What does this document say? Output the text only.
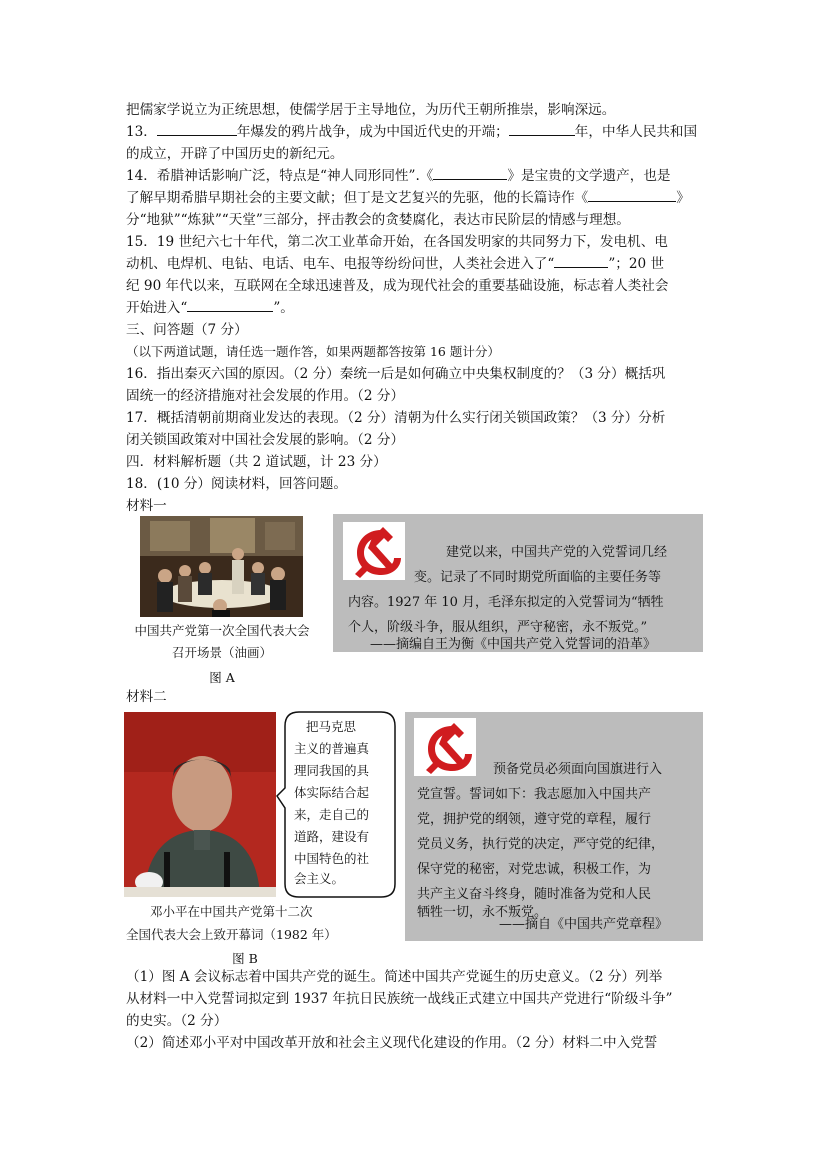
把儒家学说立为正统思想，使儒学居于主导地位，为历代王朝所推崇，影响深远。
13．	年爆发的鸦片战争，成为中国近代史的开端；	年，中华人民共和国
的成立，开辟了中国历史的新纪元。
14．希腊神话影响广泛，特点是“神人同形同性”.《	》是宝贵的文学遗产，也是
了解早期希腊早期社会的主要文献；但丁是文艺复兴的先驱，他的长篇诗作《	》
分“地狱”“炼狱”“天堂”三部分，抨击教会的贪婪腐化，表达市民阶层的情感与理想。
15．19 世纪六七十年代，第二次工业革命开始，在各国发明家的共同努力下，发电机、电
动机、电焊机、电钻、电话、电车、电报等纷纷问世，人类社会进入了“	”；20 世
纪 90 年代以来，互联网在全球迅速普及，成为现代社会的重要基础设施，标志着人类社会
开始进入“	”。
三、问答题（7 分）
（以下两道试题，请任选一题作答，如果两题都答按第 16 题计分）
16．指出秦灭六国的原因。（2 分）秦统一后是如何确立中央集权制度的？（3 分）概括巩
固统一的经济措施对社会发展的作用。（2 分）
17．概括清朝前期商业发达的表现。（2 分）清朝为什么实行闭关锁国政策？（3 分）分析
闭关锁国政策对中国社会发展的影响。（2 分）
四．材料解析题（共 2 道试题，计 23 分）
18．(10 分）阅读材料，回答问题。
材料一
中国共产党第一次全国代表大会
召开场景（油画）
图 A
建党以来，中国共产党的入党誓词几经
变。记录了不同时期党所面临的主要任务等
内容。1927 年 10 月，毛泽东拟定的入党誓词为“牺牲
个人，阶级斗争，服从组织，严守秘密，永不叛党。”
——摘编自王为衡《中国共产党入党誓词的沿革》
材料二
把马克思
主义的普遍真
理同我国的具
体实际结合起
来，走自己的
道路，建设有
中国特色的社
会主义。
邓小平在中国共产党第十二次
全国代表大会上致开幕词（1982 年）
图 B
预备党员必须面向国旗进行入
党宣誓。誓词如下：我志愿加入中国共产
党，拥护党的纲领，遵守党的章程，履行
党员义务，执行党的决定，严守党的纪律，
保守党的秘密，对党忠诚，积极工作，为
共产主义奋斗终身，随时准备为党和人民
牺牲一切，永不叛党。
——摘自《中国共产党章程》
（1）图 A 会议标志着中国共产党的诞生。简述中国共产党诞生的历史意义。（2 分）列举
从材料一中入党誓词拟定到 1937 年抗日民族统一战线正式建立中国共产党进行“阶级斗争”
的史实。（2 分）
（2）简述邓小平对中国改革开放和社会主义现代化建设的作用。（2 分）材料二中入党誓
